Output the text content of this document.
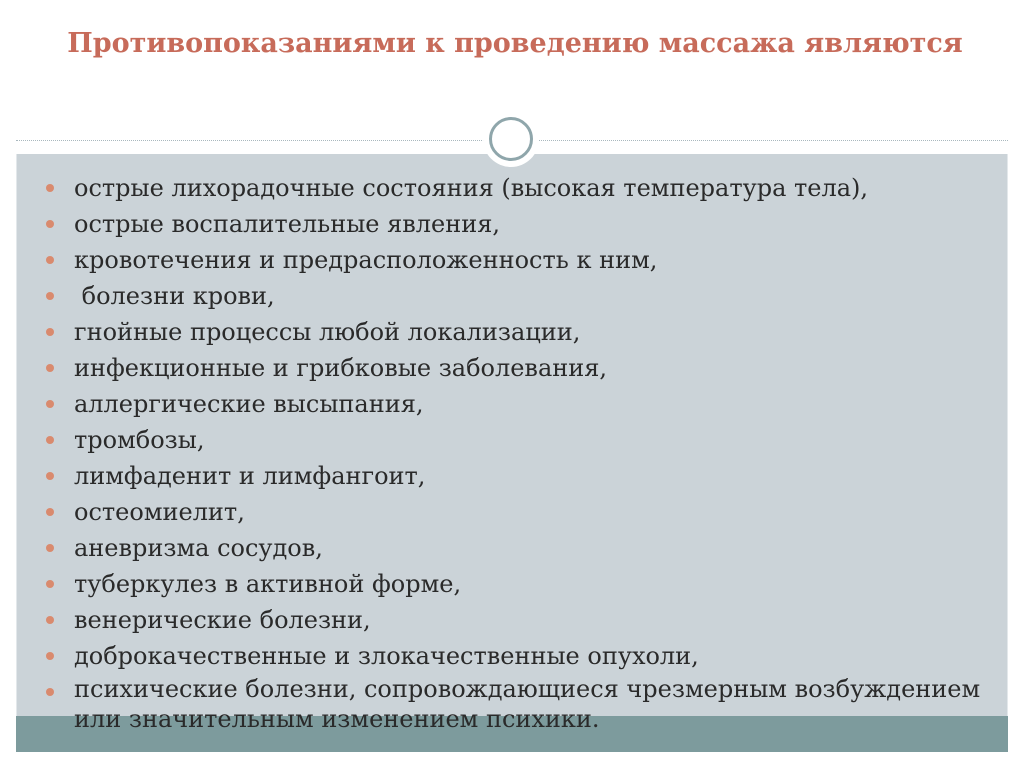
Противопоказаниями к проведению массажа являются
острые лихорадочные состояния (высокая температура тела),
острые воспалительные явления,
кровотечения и предрасположенность к ним,
болезни крови,
гнойные процессы любой локализации,
инфекционные и грибковые заболевания,
аллергические высыпания,
тромбозы,
лимфаденит и лимфангоит,
остеомиелит,
аневризма сосудов,
туберкулез в активной форме,
венерические болезни,
доброкачественные и злокачественные опухоли,
психические болезни, сопровождающиеся чрезмерным возбуждением или значительным изменением психики.
